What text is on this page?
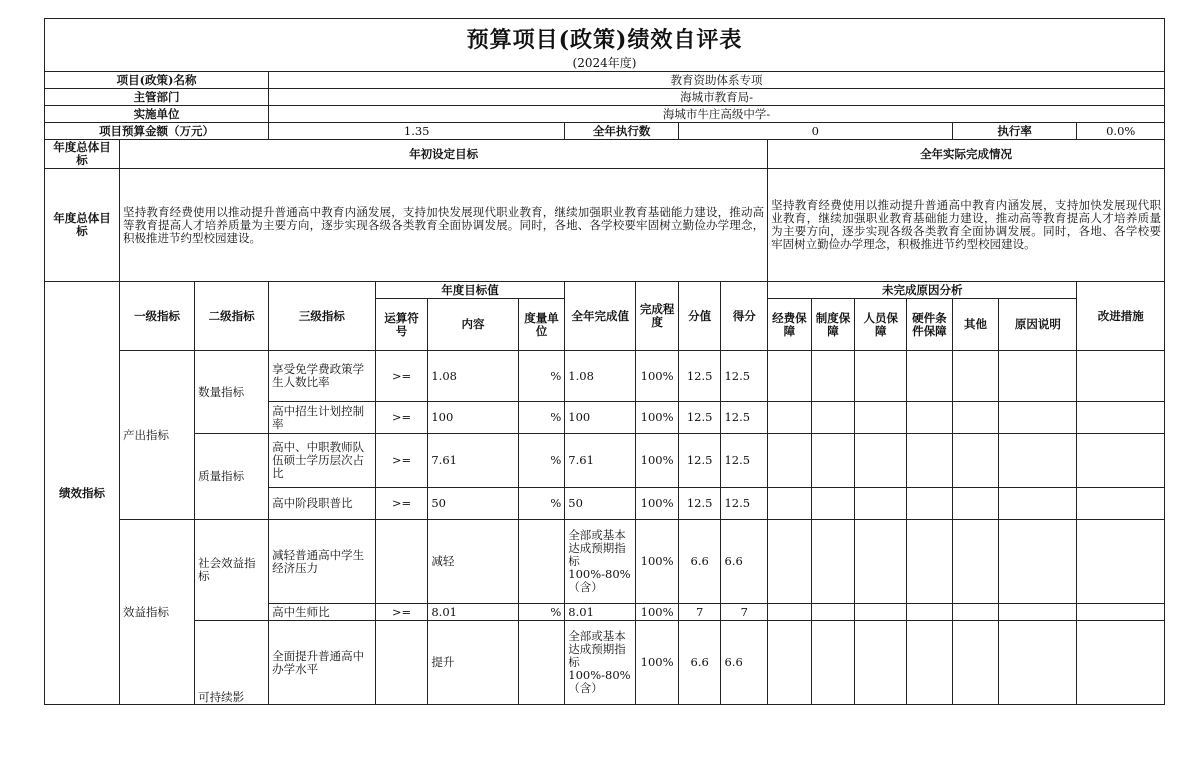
预算项目(政策)绩效自评表																	

(2024年度)																	
项目(政策)名称			教育资助体系专项														
主管部门			海城市教育局-														
实施单位			海城市牛庄高级中学-														
项目预算金额（万元）			1.35				全年执行数		0						执行率		0.0%
年度总体目标	年初设定目标										全年实际完成情况						
年度总体目标	坚持教育经费使用以推动提升普通高中教育内涵发展，支持加快发展现代职业教育，继续加强职业教育基础能力建设，推动高等教育提高人才培养质量为主要方向，逐步实现各级各类教育全面协调发展。同时，各地、各学校要牢固树立勤俭办学理念，积极推进节约型校园建设。										坚持教育经费使用以推动提升普通高中教育内涵发展，支持加快发展现代职业教育，继续加强职业教育基础能力建设，推动高等教育提高人才培养质量为主要方向，逐步实现各级各类教育全面协调发展。同时，各地、各学校要牢固树立勤俭办学理念，积极推进节约型校园建设。						
绩效指标	一级指标	二级指标	三级指标	年度目标值			全年完成值	完成程度	分值	得分	未完成原因分析						改进措施
				运算符号	内容	度量单位					经费保障	制度保障	人员保障	硬件条件保障	其他	原因说明	
	产出指标	数量指标	享受免学费政策学生人数比率	>=	1.08	%	1.08	100%	12.5	12.5							
			高中招生计划控制率	>=	100	%	100	100%	12.5	12.5							
		质量指标	高中、中职教师队伍硕士学历层次占比	>=	7.61	%	7.61	100%	12.5	12.5							
			高中阶段职普比	>=	50	%	50	100%	12.5	12.5							
	效益指标	社会效益指标	减轻普通高中学生经济压力		减轻		全部或基本达成预期指标100%-80%（含）	100%	6.6	6.6							
			高中生师比	>=	8.01	%	8.01	100%	7	7							
		可持续影	全面提升普通高中办学水平		提升		全部或基本达成预期指标100%-80%（含）	100%	6.6	6.6							
